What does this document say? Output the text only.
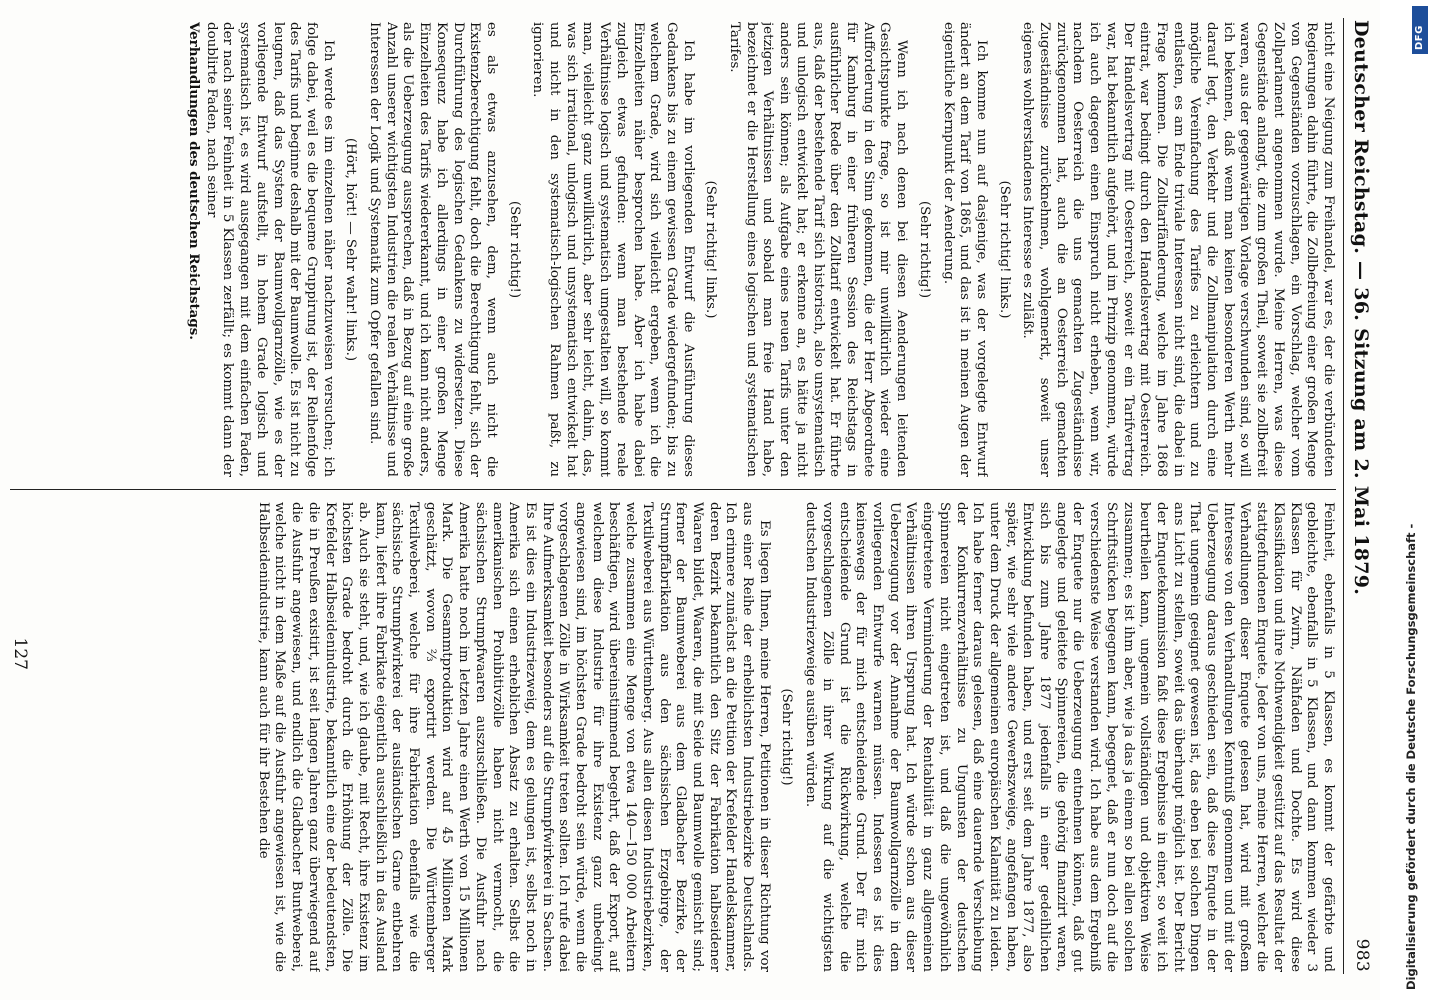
Deutscher Reichstag. — 36. Sitzung am 2. Mai 1879.
983

nicht eine Neigung zum Freihandel, war es, der die verbündeten Regierungen dahin führte, die Zollbefreiung einer großen Menge von Gegenständen vorzuschlagen, ein Vorschlag, welcher vom Zollparlament angenommen wurde. Meine Herren, was diese Gegenstände anlangt, die zum großen Theil, soweit sie zollbefreit waren, aus der gegenwärtigen Vorlage verschwunden sind, so will ich bekennen, daß wenn man keinen besonderen Werth mehr darauf legt, den Verkehr und die Zollmanipulation durch eine mögliche Vereinfachung des Tarifes zu erleichtern und zu entlasten, es am Ende triviale Interessen nicht sind, die dabei in Frage kommen. Die Zolltarifänderung, welche im Jahre 1868 eintrat, war bedingt durch den Handelsvertrag mit Oesterreich. Der Handelsvertrag mit Oesterreich, soweit er ein Tarifvertrag war, hat bekanntlich aufgehört, und im Prinzip genommen, würde ich auch dagegen einen Einspruch nicht erheben, wenn wir, nachdem Oesterreich die uns gemachten Zugeständnisse zurückgenommen hat, auch die an Oesterreich gemachten Zugeständnisse zurücknehmen, wohlgemerkt, soweit unser eigenes wohlverstandenes Interesse es zuläßt.

(Sehr richtig! links.)

Ich komme nun auf dasjenige, was der vorgelegte Entwurf ändert an dem Tarif von 1865, und das ist in meinen Augen der eigentliche Kernpunkt der Aenderung.

(Sehr richtig!)

Wenn ich nach denen bei diesen Aenderungen leitenden Gesichtspunkte frage, so ist mir unwillkürlich wieder eine Aufforderung in den Sinn gekommen, die der Herr Abgeordnete für Kamburg in einer früheren Session des Reichstags in ausführlicher Rede über den Zolltarif entwickelt hat. Er führte aus, daß der bestehende Tarif sich historisch, also unsystematisch und unlogisch entwickelt hat; er erkenne an, es hätte ja nicht anders sein können; als Aufgabe eines neuen Tarifs unter den jetzigen Verhältnissen und sobald man freie Hand habe, bezeichnet er die Herstellung eines logischen und systematischen Tarifes.

(Sehr richtig! links.)

Ich habe im vorliegenden Entwurf die Ausführung dieses Gedankens bis zu einem gewissen Grade wiedergefunden; bis zu welchem Grade, wird sich vielleicht ergeben, wenn ich die Einzelheiten näher besprochen habe. Aber ich habe dabei zugleich etwas gefunden: wenn man bestehende reale Verhältnisse logisch und systematisch umgestalten will, so kommt man, vielleicht ganz unwillkürlich, aber sehr leicht, dahin, das, was sich irrational, unlogisch und unsystematisch entwickelt hat und nicht in den systematisch-logischen Rahmen paßt, zu ignorieren.

(Sehr richtig!)

es als etwas anzusehen, dem, wenn auch nicht die Existenzberechtigung fehlt, doch die Berechtigung fehlt, sich der Durchführung des logischen Gedankens zu widersetzen. Diese Konsequenz habe ich allerdings in einer großen Menge Einzelheiten des Tarifs wiedererkannt, und ich kann nicht anders, als die Ueberzeugung aussprechen, daß in Bezug auf eine große Anzahl unserer wichtigsten Industrien die realen Verhältnisse und Interessen der Logik und Systematik zum Opfer gefallen sind.

(Hört, hört! — Sehr wahr! links.)

Ich werde es im einzelnen näher nachzuweisen versuchen; ich folge dabei, weil es die bequeme Gruppirung ist, der Reihenfolge des Tarifs und beginne deshalb mit der Baumwolle. Es ist nicht zu leugnen, daß das System der Baumwollgarnzölle, wie es der vorliegende Entwurf aufstellt, in hohem Grade logisch und systematisch ist, es wird ausgegangen mit dem einfachen Faden, der nach seiner Feinheit in 5 Klassen zerfällt; es kommt dann der doublirte Faden, nach seiner

Verhandlungen des deutschen Reichstags.

Feinheit, ebenfalls in 5 Klassen, es kommt der gefärbte und gebleichte, ebenfalls in 5 Klassen, und dann kommen wieder 3 Klassen für Zwirn, Nähfaden und Dochte. Es wird diese Klassifikation und ihre Nothwendigkeit gestützt auf das Resultat der stattgefundenen Enquete. Jeder von uns, meine Herren, welcher die Verhandlungen dieser Enquete gelesen hat, wird mit großem Interesse von den Verhandlungen Kenntniß genommen und mit der Ueberzeugung daraus geschieden sein, daß diese Enquete in der That ungemein geeignet gewesen ist, das eben bei solchen Dingen ans Licht zu stellen, soweit das überhaupt möglich ist. Der Bericht der Enquetekommission faßt diese Ergebnisse in einer, so weit ich beurtheilen kann, ungemein vollständigen und objektiven Weise zusammen; es ist ihm aber, wie ja das ja einem so bei allen solchen Schriftstücken begegnen kann, begegnet, daß er nun doch auf die verschiedenste Weise verstanden wird. Ich habe aus dem Ergebniß der Enquete nur die Ueberzeugung entnehmen können, daß gut angelegte und geleitete Spinnereien, die gehörig finanzirt waren, sich bis zum Jahre 1877 jedenfalls in einer gedeihlichen Entwicklung befunden haben, und erst seit dem Jahre 1877, also später, wie sehr viele andere Gewerbszweige, angefangen haben, unter dem Druck der allgemeinen europäischen Kalamität zu leiden. Ich habe ferner daraus gelesen, daß eine dauernde Verschiebung der Konkurrenzverhältnisse zu Ungunsten der deutschen Spinnereien nicht eingetreten ist, und daß die ungewöhnlich eingetretene Verminderung der Rentabilität in ganz allgemeinen Verhältnissen ihren Ursprung hat. Ich würde schon aus dieser Ueberzeugung vor der Annahme der Baumwollgarnzölle in dem vorliegenden Entwurfe warnen müssen. Indessen es ist dies keineswegs der für mich entscheidende Grund. Der für mich entscheidende Grund ist die Rückwirkung, welche die vorgeschlagenen Zölle in ihrer Wirkung auf die wichtigsten deutschen Industriezweige ausüben würden.

(Sehr richtig!)

Es liegen Ihnen, meine Herren, Petitionen in dieser Richtung vor aus einer Reihe der erheblichsten Industriebezirke Deutschlands. Ich erinnere zunächst an die Petition der Krefelder Handelskammer, deren Bezirk bekanntlich den Sitz der Fabrikation halbseidener Waaren bildet, Waaren, die mit Seide und Baumwolle gemischt sind; ferner der Baumweberei aus dem Gladbacher Bezirke, der Strumpffabrikation aus den sächsischen Erzgebirge, der Textilweberei aus Württemberg. Aus allen diesen Industriebezirken, welche zusammen eine Menge von etwa 140—150 000 Arbeitern beschäftigen, wird übereinstimmend begehrt, daß der Export, auf welchem diese Industrie für ihre Existenz ganz unbedingt angewiesen sind, im höchsten Grade bedroht sein würde, wenn die vorgeschlagenen Zölle in Wirksamkeit treten sollten. Ich rufe dabei Ihre Aufmerksamkeit besonders auf die Strumpfwirkerei in Sachsen. Es ist dies ein Industriezweig, dem es gelungen ist, selbst noch in Amerika sich einen erheblichen Absatz zu erhalten. Selbst die amerikanischen Prohibitivzölle haben nicht vermocht, die sächsischen Strumpfwaaren auszuschließen. Die Ausfuhr nach Amerika hatte noch im letzten Jahre einen Werth von 15 Millionen Mark. Die Gesammtproduktion wird auf 45 Millionen Mark geschätzt, wovon ⅔ exportirt werden. Die Württemberger Textilweberei, welche für ihre Fabrikation ebenfalls wie die sächsische Strumpfwirkerei der ausländischen Garne entbehren kann, liefert ihre Fabrikate eigentlich ausschließlich in das Ausland ab. Auch sie steht, und, wie ich glaube, mit Recht, ihre Existenz im höchsten Grade bedroht durch die Erhöhung der Zölle. Die Krefelder Halbseidenindustrie, bekanntlich eine der bedeutendsten, die in Preußen existirt, ist seit langen Jahren ganz überwiegend auf die Ausfuhr angewiesen, und endlich die Gladbacher Buntweberei, welche nicht in dem Maße auf die Ausfuhr angewiesen ist, wie die Halbseidenindustrie, kann auch für ihr Bestehen die

127	Digitalisierung gefördert durch die Deutsche Forschungsgemeinschaft -
DFG
